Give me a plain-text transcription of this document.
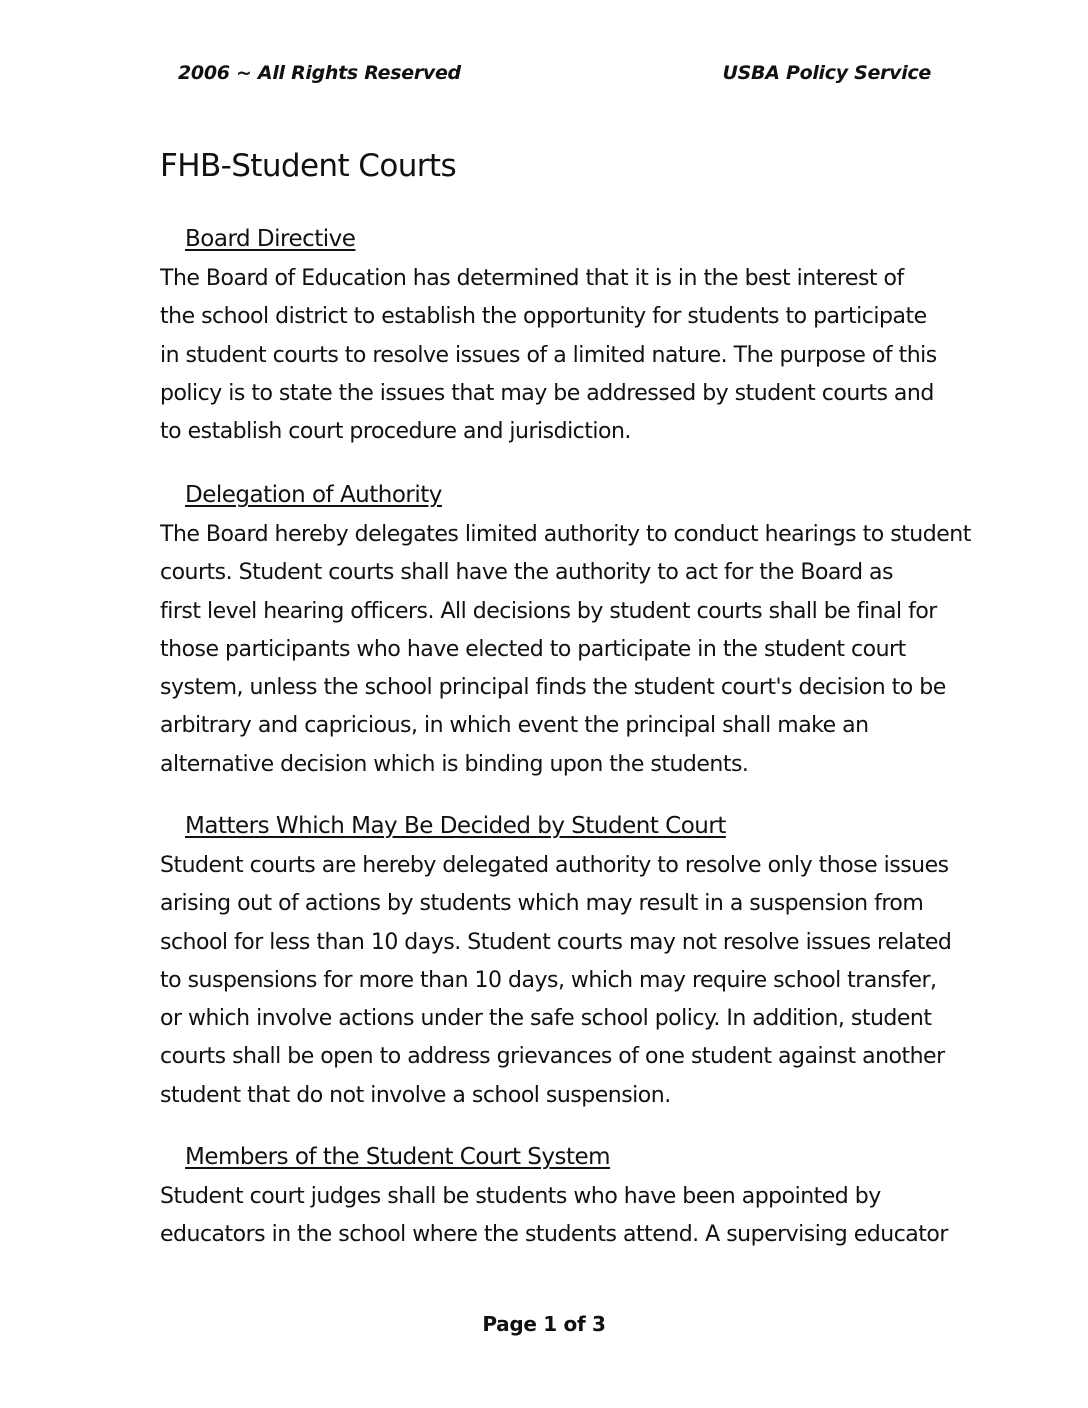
2006 ~ All Rights Reserved	USBA Policy Service
FHB-Student Courts
Board Directive
The Board of Education has determined that it is in the best interest of
the school district to establish the opportunity for students to participate
in student courts to resolve issues of a limited nature. The purpose of this
policy is to state the issues that may be addressed by student courts and
to establish court procedure and jurisdiction.
Delegation of Authority
The Board hereby delegates limited authority to conduct hearings to student
courts. Student courts shall have the authority to act for the Board as
first level hearing officers. All decisions by student courts shall be final for
those participants who have elected to participate in the student court
system, unless the school principal finds the student court's decision to be
arbitrary and capricious, in which event the principal shall make an
alternative decision which is binding upon the students.
Matters Which May Be Decided by Student Court
Student courts are hereby delegated authority to resolve only those issues
arising out of actions by students which may result in a suspension from
school for less than 10 days. Student courts may not resolve issues related
to suspensions for more than 10 days, which may require school transfer,
or which involve actions under the safe school policy. In addition, student
courts shall be open to address grievances of one student against another
student that do not involve a school suspension.
Members of the Student Court System
Student court judges shall be students who have been appointed by
educators in the school where the students attend. A supervising educator
Page 1 of 3
